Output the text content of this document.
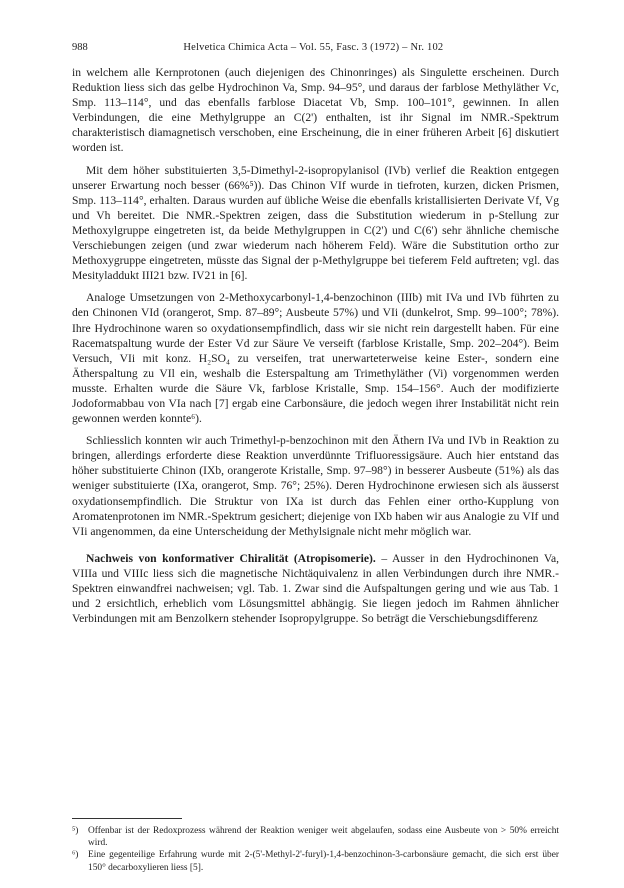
988	Helvetica Chimica Acta – Vol. 55, Fasc. 3 (1972) – Nr. 102

in welchem alle Kernprotonen (auch diejenigen des Chinonringes) als Singulette erscheinen. Durch Reduktion liess sich das gelbe Hydrochinon Va, Smp. 94–95°, und daraus der farblose Methyläther Vc, Smp. 113–114°, und das ebenfalls farblose Diacetat Vb, Smp. 100–101°, gewinnen. In allen Verbindungen, die eine Methylgruppe an C(2') enthalten, ist ihr Signal im NMR.-Spektrum charakteristisch diamagnetisch verschoben, eine Erscheinung, die in einer früheren Arbeit [6] diskutiert worden ist.

Mit dem höher substituierten 3,5-Dimethyl-2-isopropylanisol (IVb) verlief die Reaktion entgegen unserer Erwartung noch besser (66%⁵)). Das Chinon VIf wurde in tiefroten, kurzen, dicken Prismen, Smp. 113–114°, erhalten. Daraus wurden auf übliche Weise die ebenfalls kristallisierten Derivate Vf, Vg und Vh bereitet. Die NMR.-Spektren zeigen, dass die Substitution wiederum in p-Stellung zur Methoxylgruppe eingetreten ist, da beide Methylgruppen in C(2') und C(6') sehr ähnliche chemische Verschiebungen zeigen (und zwar wiederum nach höherem Feld). Wäre die Substitution ortho zur Methoxygruppe eingetreten, müsste das Signal der p-Methylgruppe bei tieferem Feld auftreten; vgl. das Mesityladdukt III21 bzw. IV21 in [6].

Analoge Umsetzungen von 2-Methoxycarbonyl-1,4-benzochinon (IIIb) mit IVa und IVb führten zu den Chinonen VId (orangerot, Smp. 87–89°; Ausbeute 57%) und VIi (dunkelrot, Smp. 99–100°; 78%). Ihre Hydrochinone waren so oxydationsempfindlich, dass wir sie nicht rein dargestellt haben. Für eine Racematspaltung wurde der Ester Vd zur Säure Ve verseift (farblose Kristalle, Smp. 202–204°). Beim Versuch, VIi mit konz. H₂SO₄ zu verseifen, trat unerwarteterweise keine Ester-, sondern eine Ätherspaltung zu VIl ein, weshalb die Esterspaltung am Trimethyläther (Vi) vorgenommen werden musste. Erhalten wurde die Säure Vk, farblose Kristalle, Smp. 154–156°. Auch der modifizierte Jodoformabbau von VIa nach [7] ergab eine Carbonsäure, die jedoch wegen ihrer Instabilität nicht rein gewonnen werden konnte⁶).

Schliesslich konnten wir auch Trimethyl-p-benzochinon mit den Äthern IVa und IVb in Reaktion zu bringen, allerdings erforderte diese Reaktion unverdünnte Trifluoressigsäure. Auch hier entstand das höher substituierte Chinon (IXb, orangerote Kristalle, Smp. 97–98°) in besserer Ausbeute (51%) als das weniger substituierte (IXa, orangerot, Smp. 76°; 25%). Deren Hydrochinone erwiesen sich als äusserst oxydationsempfindlich. Die Struktur von IXa ist durch das Fehlen einer ortho-Kupplung von Aromatenprotonen im NMR.-Spektrum gesichert; diejenige von IXb haben wir aus Analogie zu VIf und VIi angenommen, da eine Unterscheidung der Methylsignale nicht mehr möglich war.

Nachweis von konformativer Chiralität (Atropisomerie). – Ausser in den Hydrochinonen Va, VIIIa und VIIIc liess sich die magnetische Nichtäquivalenz in allen Verbindungen durch ihre NMR.-Spektren einwandfrei nachweisen; vgl. Tab. 1. Zwar sind die Aufspaltungen gering und wie aus Tab. 1 und 2 ersichtlich, erheblich vom Lösungsmittel abhängig. Sie liegen jedoch im Rahmen ähnlicher Verbindungen mit am Benzolkern stehender Isopropylgruppe. So beträgt die Verschiebungsdifferenz

⁵)	Offenbar ist der Redoxprozess während der Reaktion weniger weit abgelaufen, sodass eine Ausbeute von > 50% erreicht wird.
⁶)	Eine gegenteilige Erfahrung wurde mit 2-(5'-Methyl-2'-furyl)-1,4-benzochinon-3-carbonsäure gemacht, die sich erst über 150° decarboxylieren liess [5].
